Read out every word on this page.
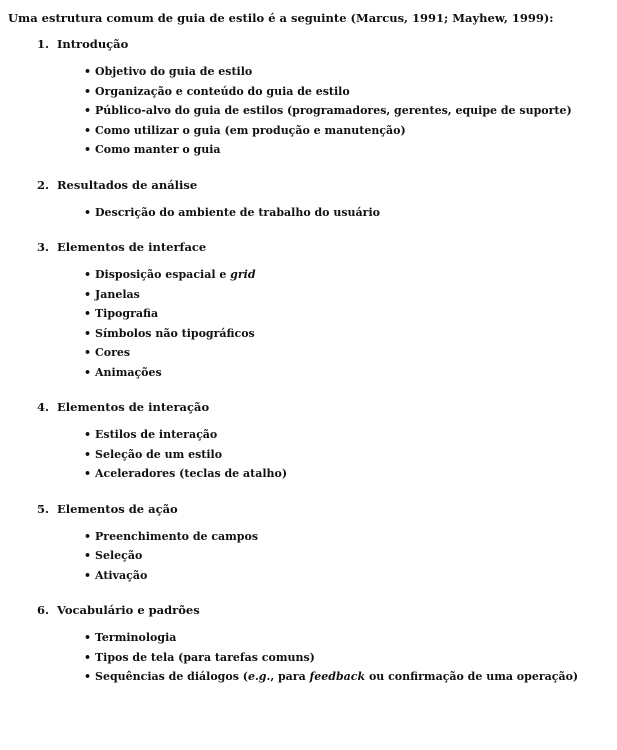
Uma estrutura comum de guia de estilo é a seguinte (Marcus, 1991; Mayhew, 1999):

1. Introdução
• Objetivo do guia de estilo
• Organização e conteúdo do guia de estilo
• Público-alvo do guia de estilos (programadores, gerentes, equipe de suporte)
• Como utilizar o guia (em produção e manutenção)
• Como manter o guia
2. Resultados de análise
• Descrição do ambiente de trabalho do usuário
3. Elementos de interface
• Disposição espacial e grid
• Janelas
• Tipografia
• Símbolos não tipográficos
• Cores
• Animações
4. Elementos de interação
• Estilos de interação
• Seleção de um estilo
• Aceleradores (teclas de atalho)
5. Elementos de ação
• Preenchimento de campos
• Seleção
• Ativação
6. Vocabulário e padrões
• Terminologia
• Tipos de tela (para tarefas comuns)
• Sequências de diálogos (e.g., para feedback ou confirmação de uma operação)
